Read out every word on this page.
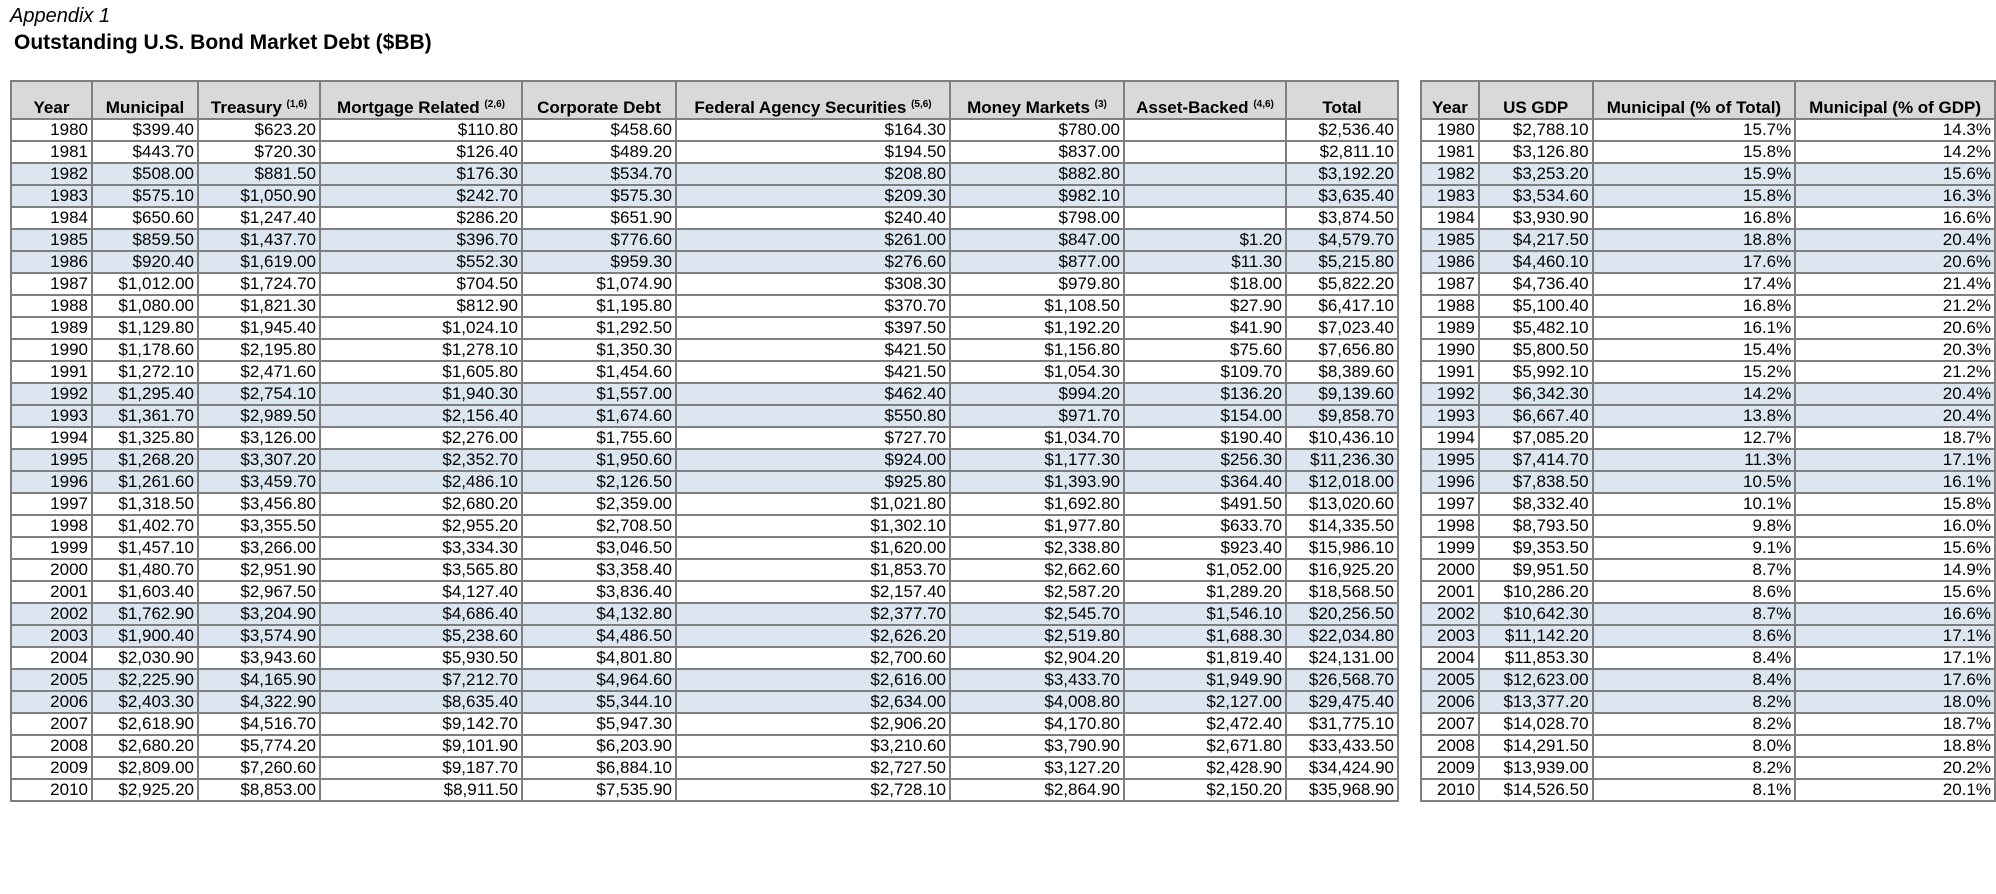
Appendix 1
Outstanding U.S. Bond Market Debt ($BB)
Year	Municipal	Treasury $^{(1,6)}$	Mortgage Related $^{(2,6)}$	Corporate Debt	Federal Agency Securities $^{(5,6)}$	Money Markets $^{(3)}$	Asset-Backed $^{(4,6)}$	Total
1980	$399.40	$623.20	$110.80	$458.60	$164.30	$780.00		$2,536.40
1981	$443.70	$720.30	$126.40	$489.20	$194.50	$837.00		$2,811.10
1982	$508.00	$881.50	$176.30	$534.70	$208.80	$882.80		$3,192.20
1983	$575.10	$1,050.90	$242.70	$575.30	$209.30	$982.10		$3,635.40
1984	$650.60	$1,247.40	$286.20	$651.90	$240.40	$798.00		$3,874.50
1985	$859.50	$1,437.70	$396.70	$776.60	$261.00	$847.00	$1.20	$4,579.70
1986	$920.40	$1,619.00	$552.30	$959.30	$276.60	$877.00	$11.30	$5,215.80
1987	$1,012.00	$1,724.70	$704.50	$1,074.90	$308.30	$979.80	$18.00	$5,822.20
1988	$1,080.00	$1,821.30	$812.90	$1,195.80	$370.70	$1,108.50	$27.90	$6,417.10
1989	$1,129.80	$1,945.40	$1,024.10	$1,292.50	$397.50	$1,192.20	$41.90	$7,023.40
1990	$1,178.60	$2,195.80	$1,278.10	$1,350.30	$421.50	$1,156.80	$75.60	$7,656.80
1991	$1,272.10	$2,471.60	$1,605.80	$1,454.60	$421.50	$1,054.30	$109.70	$8,389.60
1992	$1,295.40	$2,754.10	$1,940.30	$1,557.00	$462.40	$994.20	$136.20	$9,139.60
1993	$1,361.70	$2,989.50	$2,156.40	$1,674.60	$550.80	$971.70	$154.00	$9,858.70
1994	$1,325.80	$3,126.00	$2,276.00	$1,755.60	$727.70	$1,034.70	$190.40	$10,436.10
1995	$1,268.20	$3,307.20	$2,352.70	$1,950.60	$924.00	$1,177.30	$256.30	$11,236.30
1996	$1,261.60	$3,459.70	$2,486.10	$2,126.50	$925.80	$1,393.90	$364.40	$12,018.00
1997	$1,318.50	$3,456.80	$2,680.20	$2,359.00	$1,021.80	$1,692.80	$491.50	$13,020.60
1998	$1,402.70	$3,355.50	$2,955.20	$2,708.50	$1,302.10	$1,977.80	$633.70	$14,335.50
1999	$1,457.10	$3,266.00	$3,334.30	$3,046.50	$1,620.00	$2,338.80	$923.40	$15,986.10
2000	$1,480.70	$2,951.90	$3,565.80	$3,358.40	$1,853.70	$2,662.60	$1,052.00	$16,925.20
2001	$1,603.40	$2,967.50	$4,127.40	$3,836.40	$2,157.40	$2,587.20	$1,289.20	$18,568.50
2002	$1,762.90	$3,204.90	$4,686.40	$4,132.80	$2,377.70	$2,545.70	$1,546.10	$20,256.50
2003	$1,900.40	$3,574.90	$5,238.60	$4,486.50	$2,626.20	$2,519.80	$1,688.30	$22,034.80
2004	$2,030.90	$3,943.60	$5,930.50	$4,801.80	$2,700.60	$2,904.20	$1,819.40	$24,131.00
2005	$2,225.90	$4,165.90	$7,212.70	$4,964.60	$2,616.00	$3,433.70	$1,949.90	$26,568.70
2006	$2,403.30	$4,322.90	$8,635.40	$5,344.10	$2,634.00	$4,008.80	$2,127.00	$29,475.40
2007	$2,618.90	$4,516.70	$9,142.70	$5,947.30	$2,906.20	$4,170.80	$2,472.40	$31,775.10
2008	$2,680.20	$5,774.20	$9,101.90	$6,203.90	$3,210.60	$3,790.90	$2,671.80	$33,433.50
2009	$2,809.00	$7,260.60	$9,187.70	$6,884.10	$2,727.50	$3,127.20	$2,428.90	$34,424.90
2010	$2,925.20	$8,853.00	$8,911.50	$7,535.90	$2,728.10	$2,864.90	$2,150.20	$35,968.90
Year	US GDP	Municipal (% of Total)	Municipal (% of GDP)
1980	$2,788.10	15.7%	14.3%
1981	$3,126.80	15.8%	14.2%
1982	$3,253.20	15.9%	15.6%
1983	$3,534.60	15.8%	16.3%
1984	$3,930.90	16.8%	16.6%
1985	$4,217.50	18.8%	20.4%
1986	$4,460.10	17.6%	20.6%
1987	$4,736.40	17.4%	21.4%
1988	$5,100.40	16.8%	21.2%
1989	$5,482.10	16.1%	20.6%
1990	$5,800.50	15.4%	20.3%
1991	$5,992.10	15.2%	21.2%
1992	$6,342.30	14.2%	20.4%
1993	$6,667.40	13.8%	20.4%
1994	$7,085.20	12.7%	18.7%
1995	$7,414.70	11.3%	17.1%
1996	$7,838.50	10.5%	16.1%
1997	$8,332.40	10.1%	15.8%
1998	$8,793.50	9.8%	16.0%
1999	$9,353.50	9.1%	15.6%
2000	$9,951.50	8.7%	14.9%
2001	$10,286.20	8.6%	15.6%
2002	$10,642.30	8.7%	16.6%
2003	$11,142.20	8.6%	17.1%
2004	$11,853.30	8.4%	17.1%
2005	$12,623.00	8.4%	17.6%
2006	$13,377.20	8.2%	18.0%
2007	$14,028.70	8.2%	18.7%
2008	$14,291.50	8.0%	18.8%
2009	$13,939.00	8.2%	20.2%
2010	$14,526.50	8.1%	20.1%
